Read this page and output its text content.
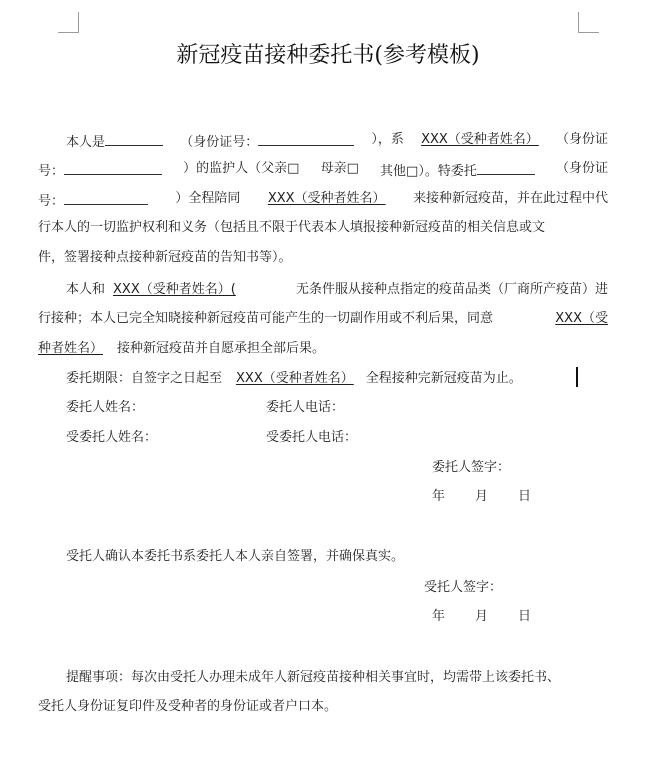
新冠疫苗接种委托书(参考模板)
本人是	（身份证号：	），系 XXX（受种者姓名） （身份证
号：	）的监护人（父亲□ 母亲□ 其他□）。特委托	（身份证
号：	）全程陪同 XXX（受种者姓名） 来接种新冠疫苗，并在此过程中代
行本人的一切监护权利和义务（包括且不限于代表本人填报接种新冠疫苗的相关信息或文
件，签署接种点接种新冠疫苗的告知书等）。
本人和 XXX（受种者姓名）(	无条件服从接种点指定的疫苗品类（厂商所产疫苗）进
行接种；本人已完全知晓接种新冠疫苗可能产生的一切副作用或不利后果，同意	XXX（受
种者姓名） 接种新冠疫苗并自愿承担全部后果。
委托期限：自签字之日起至 XXX（受种者姓名） 全程接种完新冠疫苗为止。
委托人姓名：	委托人电话：
受委托人姓名：	受委托人电话：
委托人签字：
年 月 日
受托人确认本委托书系委托人本人亲自签署，并确保真实。
受托人签字：
年 月 日
提醒事项：每次由受托人办理未成年人新冠疫苗接种相关事宜时，均需带上该委托书、
受托人身份证复印件及受种者的身份证或者户口本。
